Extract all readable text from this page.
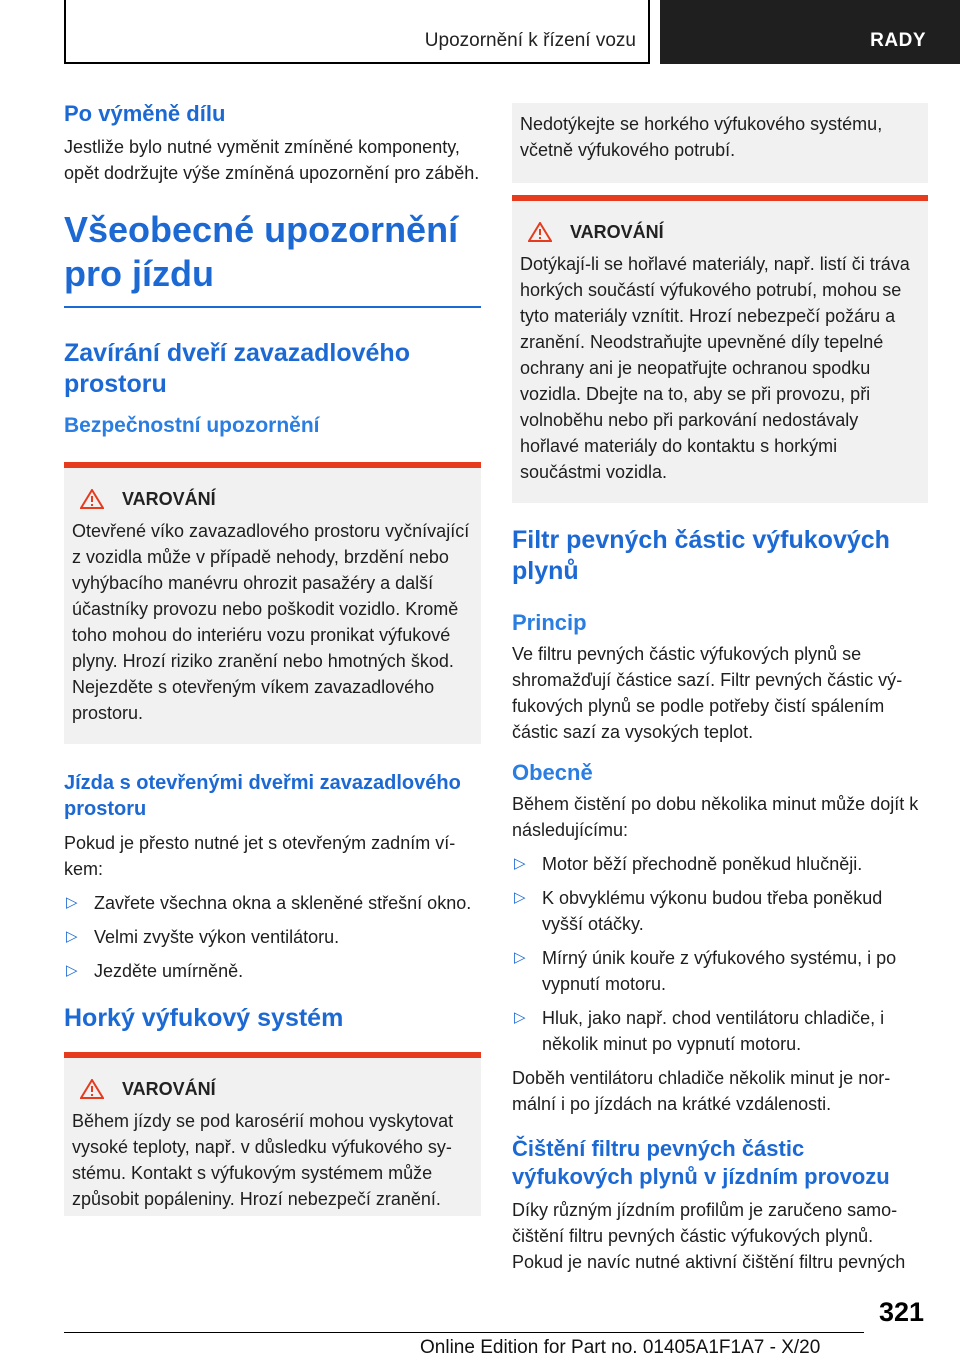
Upozornění k řízení vozu	RADY
Po výměně dílu
Jestliže bylo nutné vyměnit zmíněné komponenty, opět dodržujte výše zmíněná upozornění pro záběh.
Všeobecné upozornění pro jízdu
Zavírání dveří zavazadlového prostoru
Bezpečnostní upozornění
VAROVÁNÍ
Otevřené víko zavazadlového prostoru vyčnívající z vozidla může v případě nehody, brzdění nebo vyhýbacího manévru ohrozit pasažéry a další účastníky provozu nebo poškodit vozidlo. Kromě toho mohou do interiéru vozu pronikat výfukové plyny. Hrozí riziko zranění nebo hmotných škod. Nejezděte s otevřeným víkem zavazadlového prostoru.
Jízda s otevřenými dveřmi zavazadlového prostoru
Pokud je přesto nutné jet s otevřeným zadním víkem:
▷ Zavřete všechna okna a skleněné střešní okno.
▷ Velmi zvyšte výkon ventilátoru.
▷ Jezděte umírněně.
Horký výfukový systém
VAROVÁNÍ
Během jízdy se pod karosérií mohou vyskytovat vysoké teploty, např. v důsledku výfukového systému. Kontakt s výfukovým systémem může způsobit popáleniny. Hrozí nebezpečí zranění.
Nedotýkejte se horkého výfukového systému, včetně výfukového potrubí.
VAROVÁNÍ
Dotýkají-li se hořlavé materiály, např. listí či tráva horkých součástí výfukového potrubí, mohou se tyto materiály vznítit. Hrozí nebezpečí požáru a zranění. Neodstraňujte upevněné díly tepelné ochrany ani je neopatřujte ochranou spodku vozidla. Dbejte na to, aby se při provozu, při volnoběhu nebo při parkování nedostávaly hořlavé materiály do kontaktu s horkými součástmi vozidla.
Filtr pevných částic výfukových plynů
Princip
Ve filtru pevných částic výfukových plynů se shromažďují částice sazí. Filtr pevných částic výfukových plynů se podle potřeby čistí spálením částic sazí za vysokých teplot.
Obecně
Během čistění po dobu několika minut může dojít k následujícímu:
▷ Motor běží přechodně poněkud hlučněji.
▷ K obvyklému výkonu budou třeba poněkud vyšší otáčky.
▷ Mírný únik kouře z výfukového systému, i po vypnutí motoru.
▷ Hluk, jako např. chod ventilátoru chladiče, i několik minut po vypnutí motoru.
Doběh ventilátoru chladiče několik minut je normální i po jízdách na krátké vzdálenosti.
Čištění filtru pevných částic výfukových plynů v jízdním provozu
Díky různým jízdním profilům je zaručeno samočištění filtru pevných částic výfukových plynů. Pokud je navíc nutné aktivní čištění filtru pevných
321
Online Edition for Part no. 01405A1F1A7 - X/20
